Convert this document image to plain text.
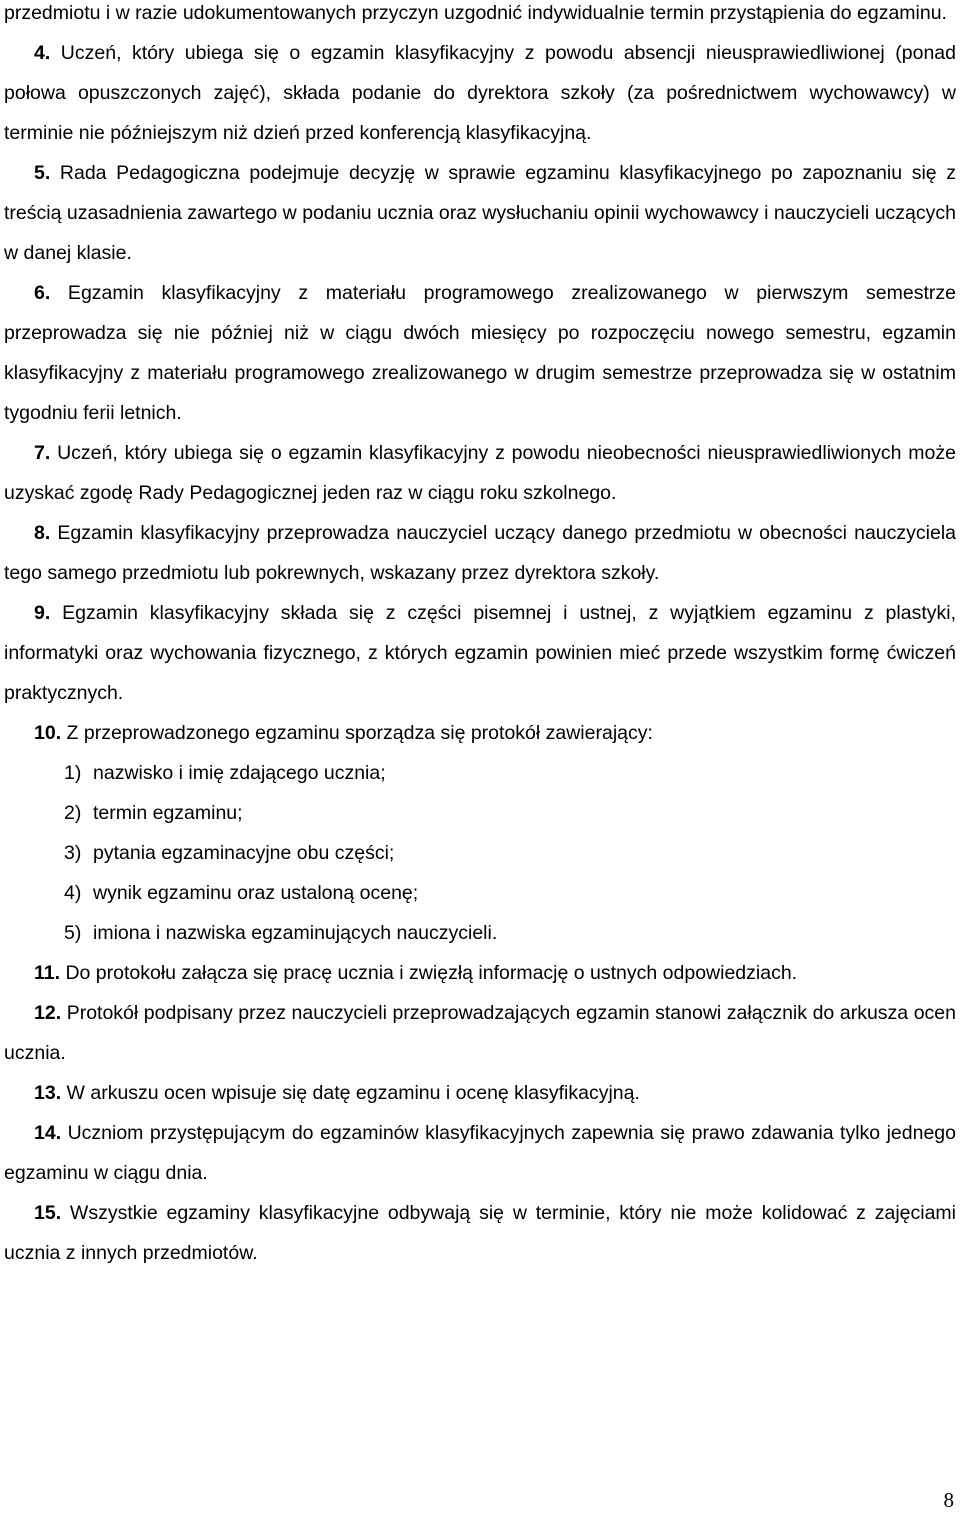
przedmiotu i w razie udokumentowanych przyczyn uzgodnić indywidualnie termin przystąpienia do egzaminu.

4. Uczeń, który ubiega się o egzamin klasyfikacyjny z powodu absencji nieusprawiedliwionej (ponad połowa opuszczonych zajęć), składa podanie do dyrektora szkoły (za pośrednictwem wychowawcy) w terminie nie późniejszym niż dzień przed konferencją klasyfikacyjną.

5. Rada Pedagogiczna podejmuje decyzję w sprawie egzaminu klasyfikacyjnego po zapoznaniu się z treścią uzasadnienia zawartego w podaniu ucznia oraz wysłuchaniu opinii wychowawcy i nauczycieli uczących w danej klasie.

6. Egzamin klasyfikacyjny z materiału programowego zrealizowanego w pierwszym semestrze przeprowadza się nie później niż w ciągu dwóch miesięcy po rozpoczęciu nowego semestru, egzamin klasyfikacyjny z materiału programowego zrealizowanego w drugim semestrze przeprowadza się w ostatnim tygodniu ferii letnich.

7. Uczeń, który ubiega się o egzamin klasyfikacyjny z powodu nieobecności nieusprawiedliwionych może uzyskać zgodę Rady Pedagogicznej jeden raz w ciągu roku szkolnego.

8. Egzamin klasyfikacyjny przeprowadza nauczyciel uczący danego przedmiotu w obecności nauczyciela tego samego przedmiotu lub pokrewnych, wskazany przez dyrektora szkoły.

9. Egzamin klasyfikacyjny składa się z części pisemnej i ustnej, z wyjątkiem egzaminu z plastyki, informatyki oraz wychowania fizycznego, z których egzamin powinien mieć przede wszystkim formę ćwiczeń praktycznych.

10. Z przeprowadzonego egzaminu sporządza się protokół zawierający:

1) nazwisko i imię zdającego ucznia;
2) termin egzaminu;
3) pytania egzaminacyjne obu części;
4) wynik egzaminu oraz ustaloną ocenę;
5) imiona i nazwiska egzaminujących nauczycieli.

11. Do protokołu załącza się pracę ucznia i zwięzłą informację o ustnych odpowiedziach.

12. Protokół podpisany przez nauczycieli przeprowadzających egzamin stanowi załącznik do arkusza ocen ucznia.

13. W arkuszu ocen wpisuje się datę egzaminu i ocenę klasyfikacyjną.

14. Uczniom przystępującym do egzaminów klasyfikacyjnych zapewnia się prawo zdawania tylko jednego egzaminu w ciągu dnia.

15. Wszystkie egzaminy klasyfikacyjne odbywają się w terminie, który nie może kolidować z zajęciami ucznia z innych przedmiotów.

8
